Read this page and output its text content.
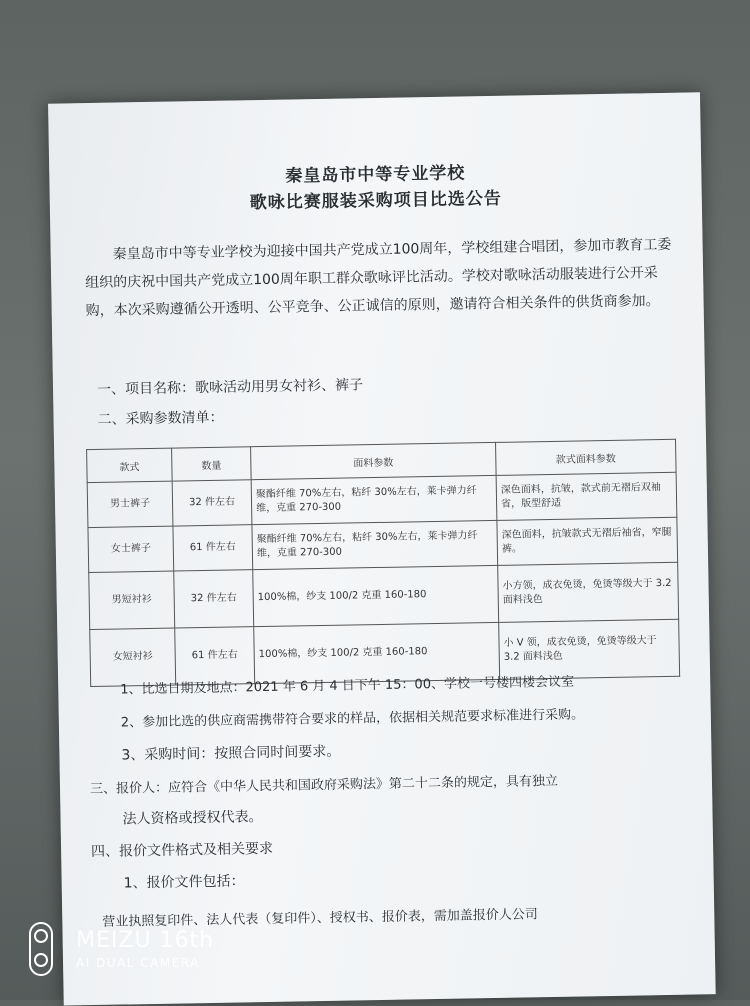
秦皇岛市中等专业学校
歌咏比赛服装采购项目比选公告
秦皇岛市中等专业学校为迎接中国共产党成立100周年，学校组建合唱团，参加市教育工委组织的庆祝中国共产党成立100周年职工群众歌咏评比活动。学校对歌咏活动服装进行公开采购，本次采购遵循公开透明、公平竞争、公正诚信的原则，邀请符合相关条件的供货商参加。
一、项目名称：歌咏活动用男女衬衫、裤子
二、采购参数清单：
款式	数量	面料参数	款式面料参数
男士裤子	32 件左右	聚酯纤维 70%左右，粘纤 30%左右，莱卡弹力纤维，克重 270-300	深色面料，抗皱，款式前无褶后双袖省，版型舒适
女士裤子	61 件左右	聚酯纤维 70%左右，粘纤 30%左右，莱卡弹力纤维，克重 270-300	深色面料，抗皱款式无褶后袖省，窄腿裤。
男短衬衫	32 件左右	100%棉，纱支 100/2 克重 160-180	小方领，成衣免烫，免烫等级大于 3.2 面料浅色
女短衬衫	61 件左右	100%棉，纱支 100/2 克重 160-180	小 V 领，成衣免烫，免烫等级大于 3.2 面料浅色
1、比选日期及地点：2021 年 6 月 4 日下午 15：00、学校一号楼四楼会议室
2、参加比选的供应商需携带符合要求的样品，依据相关规范要求标准进行采购。
3、采购时间：按照合同时间要求。
三、报价人：应符合《中华人民共和国政府采购法》第二十二条的规定，具有独立
法人资格或授权代表。
四、报价文件格式及相关要求
1、报价文件包括：
营业执照复印件、法人代表（复印件）、授权书、报价表，需加盖报价人公司
MEIZU 16th
AI DUAL CAMERA
